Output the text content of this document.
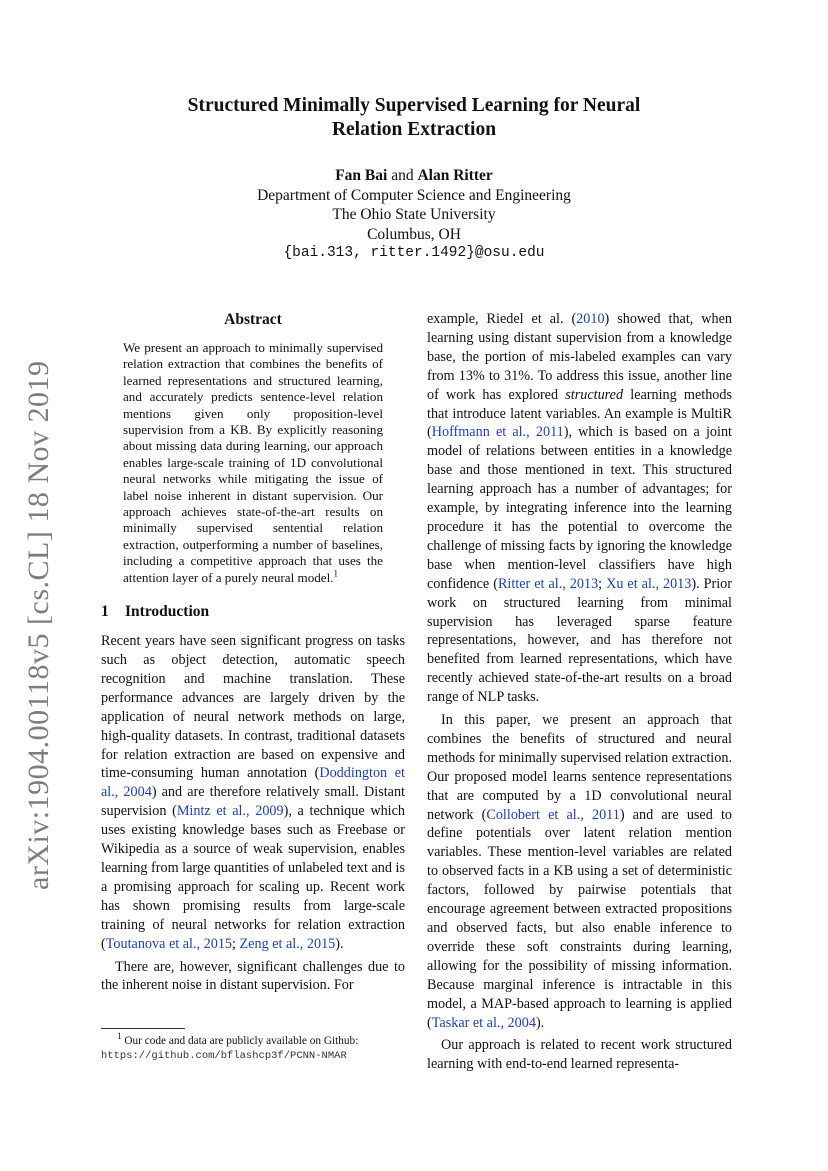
arXiv:1904.00118v5 [cs.CL] 18 Nov 2019
Structured Minimally Supervised Learning for Neural
Relation Extraction
Fan Bai and Alan Ritter
Department of Computer Science and Engineering
The Ohio State University
Columbus, OH
{bai.313, ritter.1492}@osu.edu
Abstract
We present an approach to minimally supervised relation extraction that combines the benefits of learned representations and structured learning, and accurately predicts sentence-level relation mentions given only proposition-level supervision from a KB. By explicitly reasoning about missing data during learning, our approach enables large-scale training of 1D convolutional neural networks while mitigating the issue of label noise inherent in distant supervision. Our approach achieves state-of-the-art results on minimally supervised sentential relation extraction, outperforming a number of baselines, including a competitive approach that uses the attention layer of a purely neural model.$^1$
1 Introduction

Recent years have seen significant progress on tasks such as object detection, automatic speech recognition and machine translation. These performance advances are largely driven by the application of neural network methods on large, high-quality datasets. In contrast, traditional datasets for relation extraction are based on expensive and time-consuming human annotation (Doddington et al., 2004) and are therefore relatively small. Distant supervision (Mintz et al., 2009), a technique which uses existing knowledge bases such as Freebase or Wikipedia as a source of weak supervision, enables learning from large quantities of unlabeled text and is a promising approach for scaling up. Recent work has shown promising results from large-scale training of neural networks for relation extraction (Toutanova et al., 2015; Zeng et al., 2015).

There are, however, significant challenges due to the inherent noise in distant supervision. For

$^1$ Our code and data are publicly available on Github:
https://github.com/bflashcp3f/PCNN-NMAR

example, Riedel et al. (2010) showed that, when learning using distant supervision from a knowledge base, the portion of mis-labeled examples can vary from 13% to 31%. To address this issue, another line of work has explored structured learning methods that introduce latent variables. An example is MultiR (Hoffmann et al., 2011), which is based on a joint model of relations between entities in a knowledge base and those mentioned in text. This structured learning approach has a number of advantages; for example, by integrating inference into the learning procedure it has the potential to overcome the challenge of missing facts by ignoring the knowledge base when mention-level classifiers have high confidence (Ritter et al., 2013; Xu et al., 2013). Prior work on structured learning from minimal supervision has leveraged sparse feature representations, however, and has therefore not benefited from learned representations, which have recently achieved state-of-the-art results on a broad range of NLP tasks.

In this paper, we present an approach that combines the benefits of structured and neural methods for minimally supervised relation extraction. Our proposed model learns sentence representations that are computed by a 1D convolutional neural network (Collobert et al., 2011) and are used to define potentials over latent relation mention variables. These mention-level variables are related to observed facts in a KB using a set of deterministic factors, followed by pairwise potentials that encourage agreement between extracted propositions and observed facts, but also enable inference to override these soft constraints during learning, allowing for the possibility of missing information. Because marginal inference is intractable in this model, a MAP-based approach to learning is applied (Taskar et al., 2004).

Our approach is related to recent work structured learning with end-to-end learned representa-
